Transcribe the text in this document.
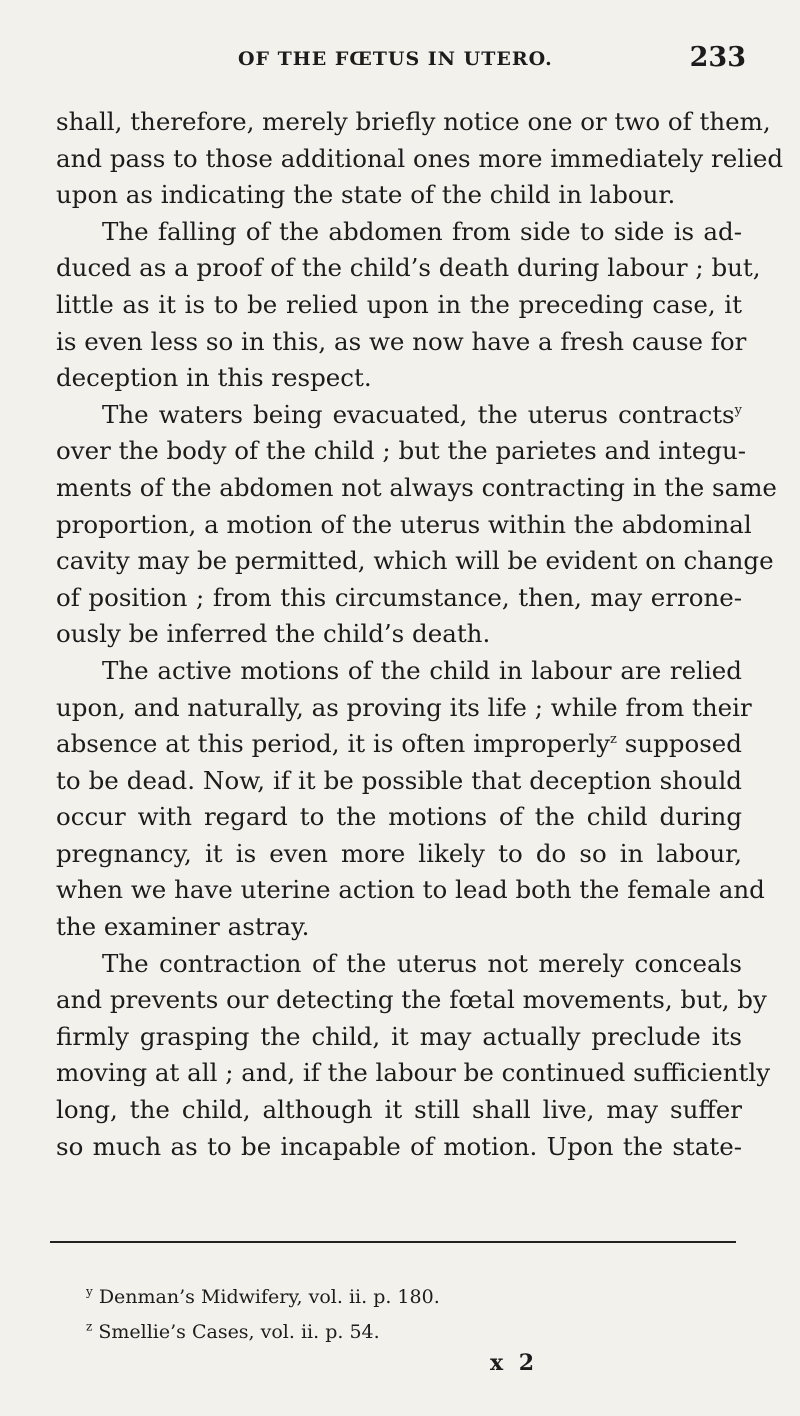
OF THE FŒTUS IN UTERO.	233
shall, therefore, merely briefly notice one or two of them,
and pass to those additional ones more immediately relied
upon as indicating the state of the child in labour.
The falling of the abdomen from side to side is ad-
duced as a proof of the child’s death during labour ; but,
little as it is to be relied upon in the preceding case, it
is even less so in this, as we now have a fresh cause for
deception in this respect.
The waters being evacuated, the uterus contracts$^y$
over the body of the child ; but the parietes and integu-
ments of the abdomen not always contracting in the same
proportion, a motion of the uterus within the abdominal
cavity may be permitted, which will be evident on change
of position ; from this circumstance, then, may errone-
ously be inferred the child’s death.
The active motions of the child in labour are relied
upon, and naturally, as proving its life ; while from their
absence at this period, it is often improperly$^z$ supposed
to be dead. Now, if it be possible that deception should
occur with regard to the motions of the child during
pregnancy, it is even more likely to do so in labour,
when we have uterine action to lead both the female and
the examiner astray.
The contraction of the uterus not merely conceals
and prevents our detecting the fœtal movements, but, by
firmly grasping the child, it may actually preclude its
moving at all ; and, if the labour be continued sufficiently
long, the child, although it still shall live, may suffer
so much as to be incapable of motion. Upon the state-
$^y$ Denman’s Midwifery, vol. ii. p. 180.
$^z$ Smellie’s Cases, vol. ii. p. 54.
x 2
